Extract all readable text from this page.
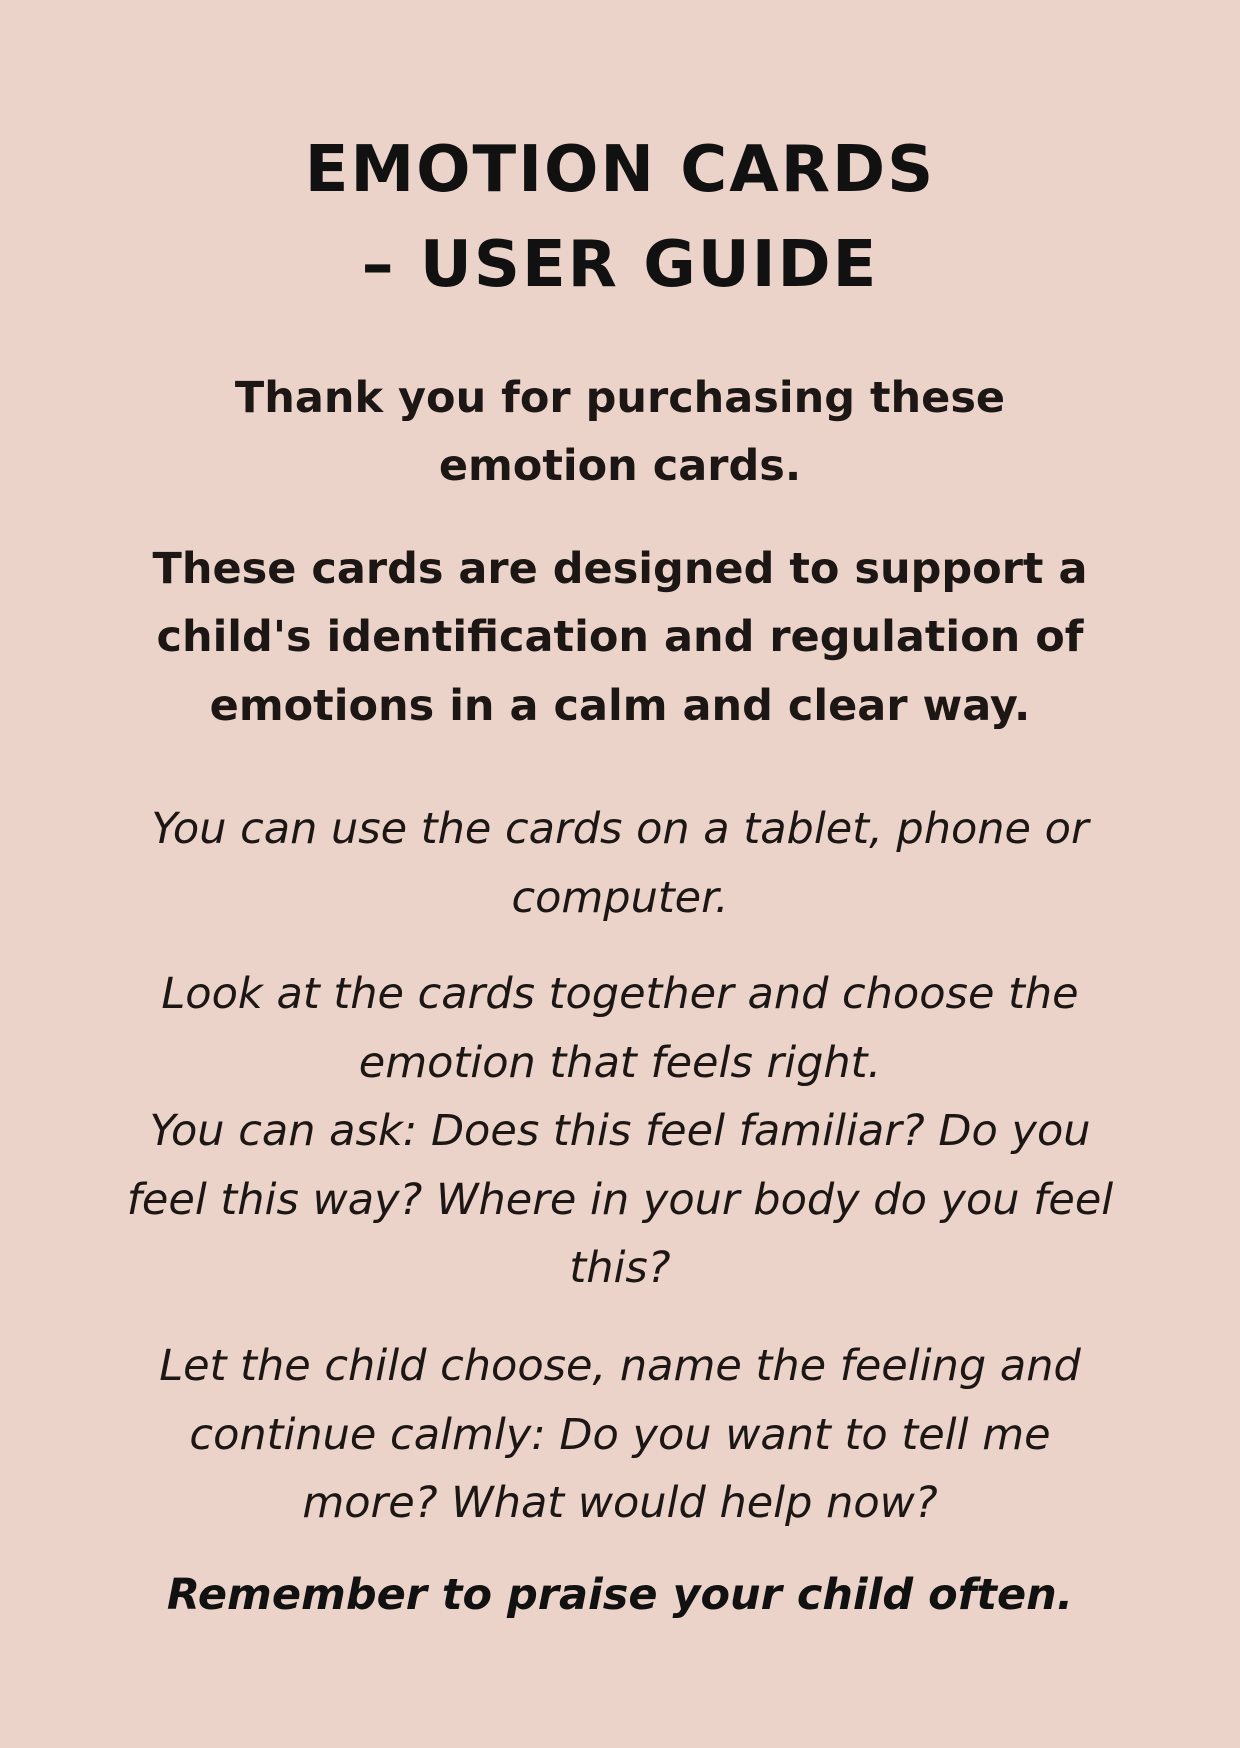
EMOTION CARDS
– USER GUIDE

Thank you for purchasing these

emotion cards.

These cards are designed to support a

child's identification and regulation of

emotions in a calm and clear way.

You can use the cards on a tablet, phone or

computer.

Look at the cards together and choose the

emotion that feels right.

You can ask: Does this feel familiar? Do you

feel this way? Where in your body do you feel

this?

Let the child choose, name the feeling and

continue calmly: Do you want to tell me

more? What would help now?

Remember to praise your child often.
